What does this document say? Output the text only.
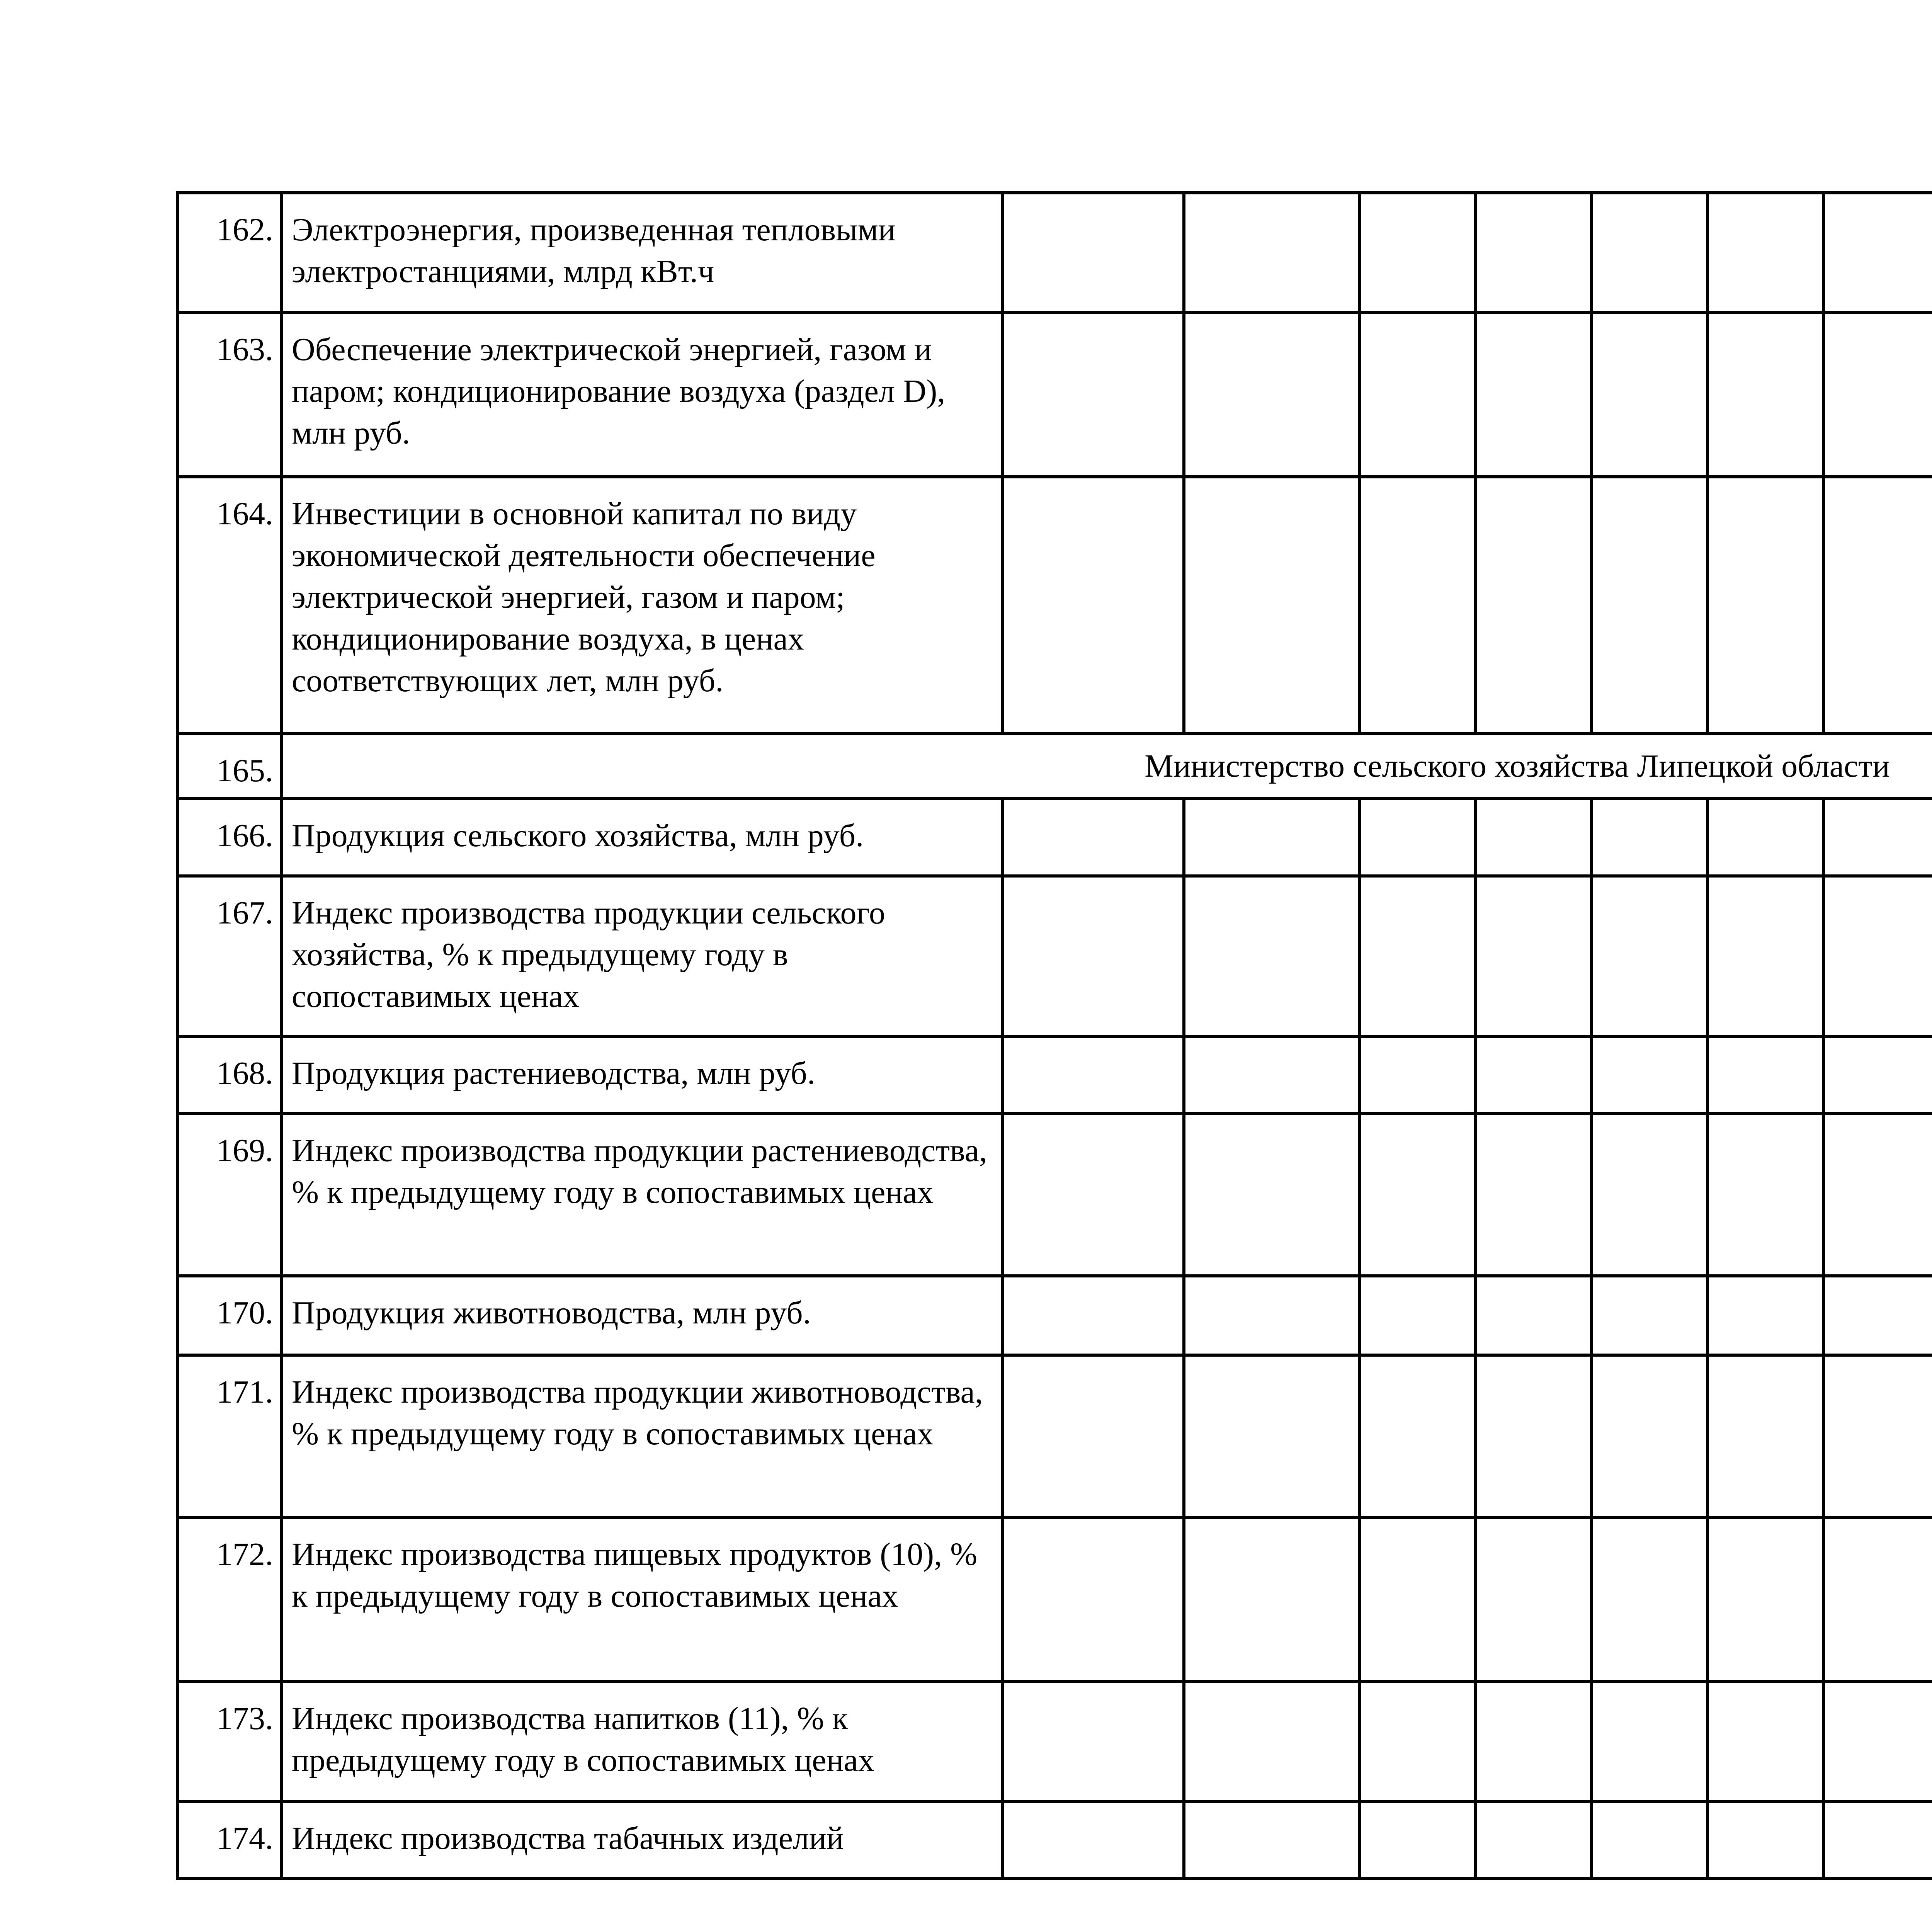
162.	Электроэнергия, произведенная тепловыми электростанциями, млрд кВт.ч														
163.	Обеспечение электрической энергией, газом и паром; кондиционирование воздуха (раздел D), млн руб.														
164.	Инвестиции в основной капитал по виду экономической деятельности обеспечение электрической энергией, газом и паром; кондиционирование воздуха, в ценах соответствующих лет, млн руб.														
165.	Министерство сельского хозяйства Липецкой области														
166.	Продукция сельского хозяйства, млн руб.														
167.	Индекс производства продукции сельского хозяйства, % к предыдущему году в сопоставимых ценах														
168.	Продукция растениеводства, млн руб.														
169.	Индекс производства продукции растениеводства, % к предыдущему году в сопоставимых ценах														
170.	Продукция животноводства, млн руб.														
171.	Индекс производства продукции животноводства, % к предыдущему году в сопоставимых ценах														
172.	Индекс производства пищевых продуктов (10), % к предыдущему году в сопоставимых ценах														
173.	Индекс производства напитков (11), % к предыдущему году в сопоставимых ценах														
174.	Индекс производства табачных изделий														
